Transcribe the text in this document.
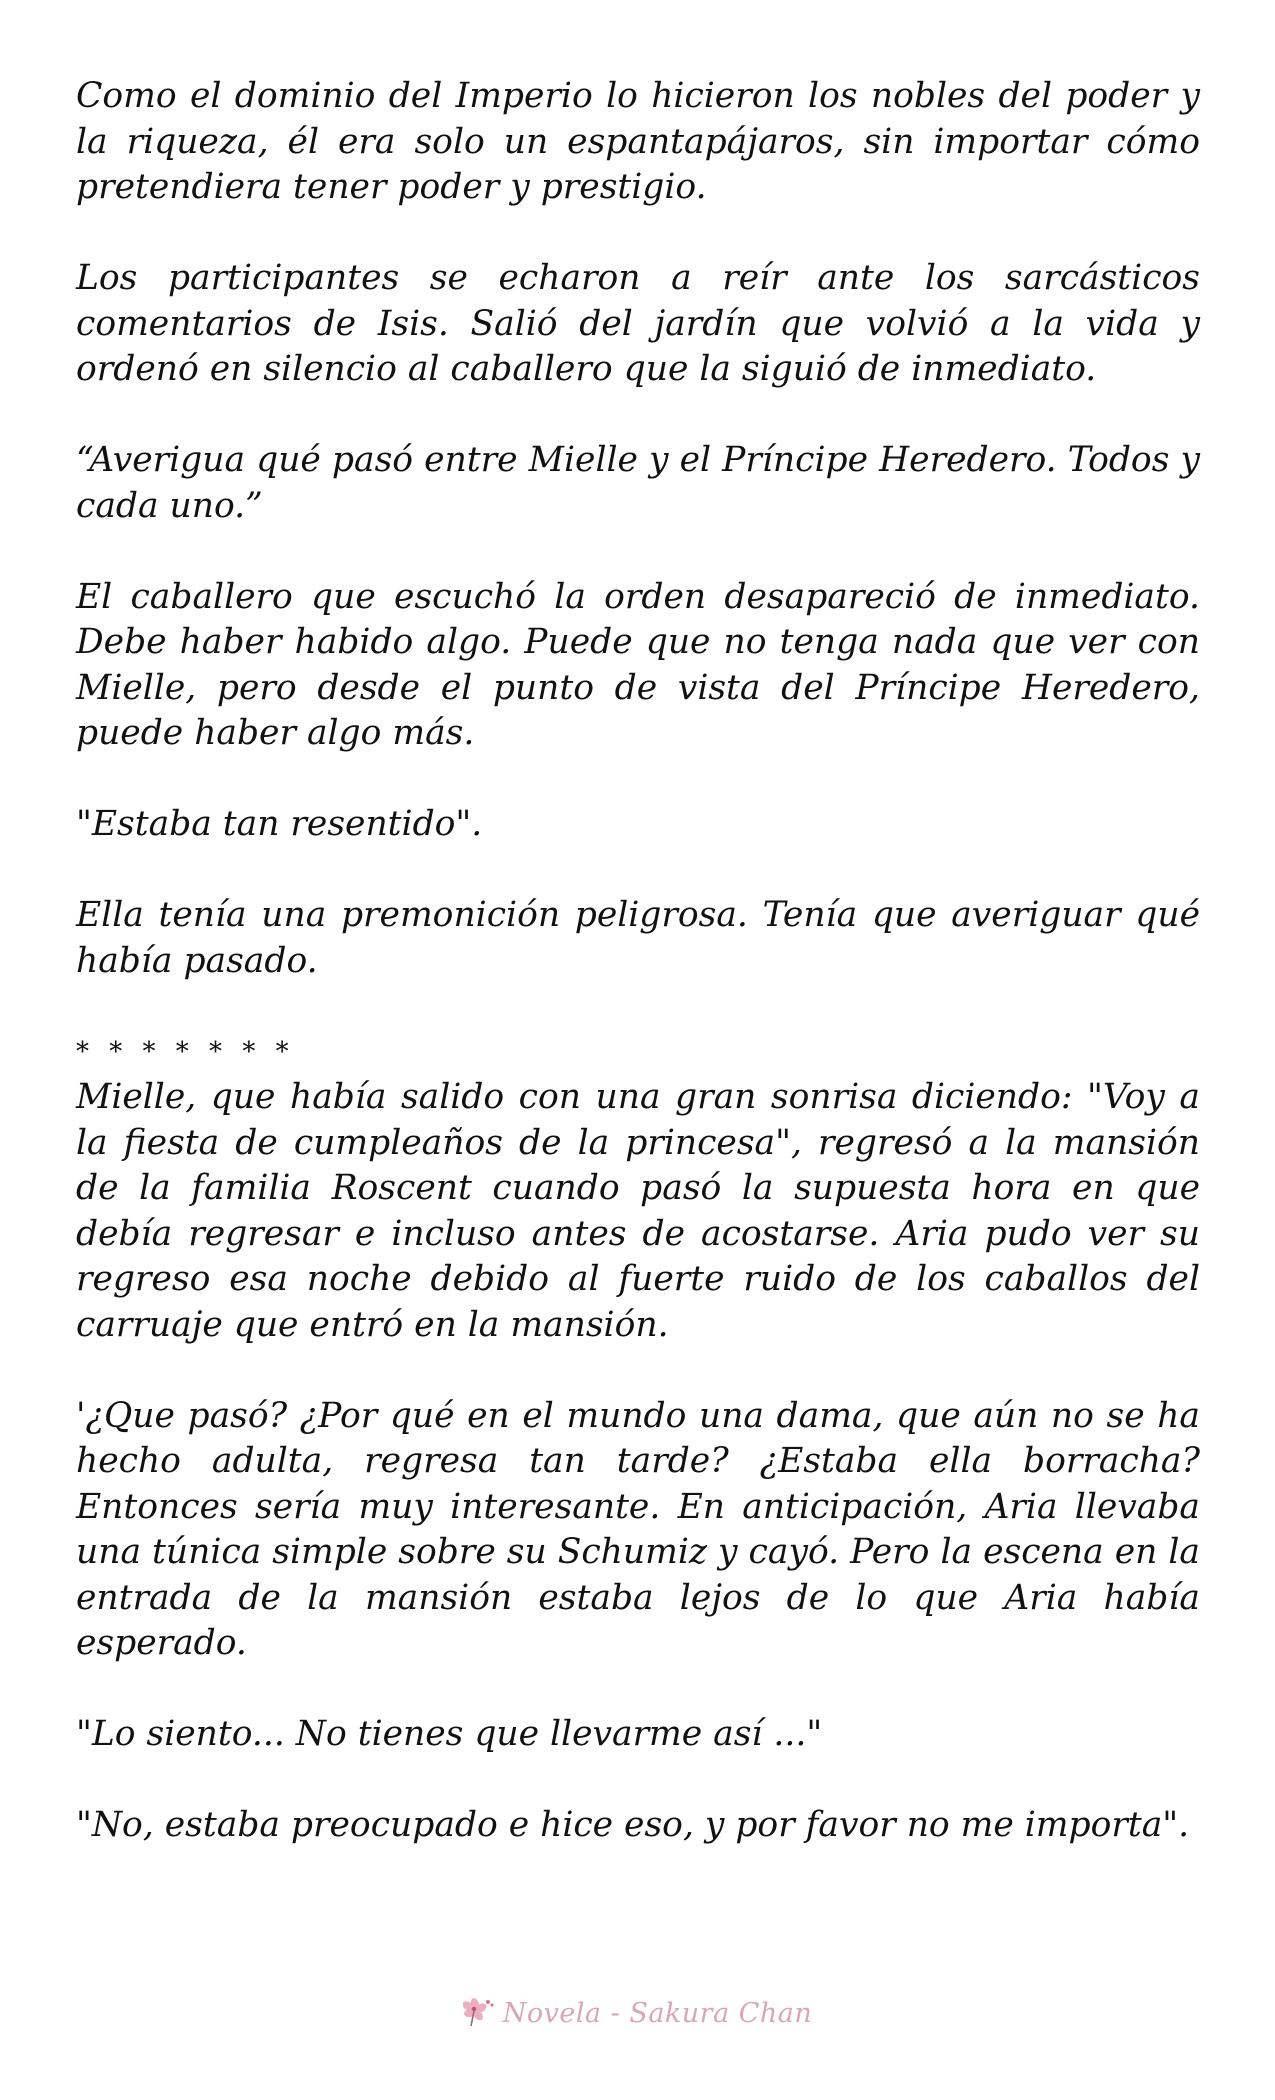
Como el dominio del Imperio lo hicieron los nobles del poder y la riqueza, él era solo un espantapájaros, sin importar cómo pretendiera tener poder y prestigio.

Los participantes se echaron a reír ante los sarcásticos comentarios de Isis. Salió del jardín que volvió a la vida y ordenó en silencio al caballero que la siguió de inmediato.

“Averigua qué pasó entre Mielle y el Príncipe Heredero. Todos y cada uno.”

El caballero que escuchó la orden desapareció de inmediato. Debe haber habido algo. Puede que no tenga nada que ver con Mielle, pero desde el punto de vista del Príncipe Heredero, puede haber algo más.

"Estaba tan resentido".

Ella tenía una premonición peligrosa. Tenía que averiguar qué había pasado.

* * * * * * *

Mielle, que había salido con una gran sonrisa diciendo: "Voy a la fiesta de cumpleaños de la princesa", regresó a la mansión de la familia Roscent cuando pasó la supuesta hora en que debía regresar e incluso antes de acostarse. Aria pudo ver su regreso esa noche debido al fuerte ruido de los caballos del carruaje que entró en la mansión.

'¿Que pasó? ¿Por qué en el mundo una dama, que aún no se ha hecho adulta, regresa tan tarde? ¿Estaba ella borracha? Entonces sería muy interesante. En anticipación, Aria llevaba una túnica simple sobre su Schumiz y cayó. Pero la escena en la entrada de la mansión estaba lejos de lo que Aria había esperado.

"Lo siento... No tienes que llevarme así ..."

"No, estaba preocupado e hice eso, y por favor no me importa".

Novela - Sakura Chan
